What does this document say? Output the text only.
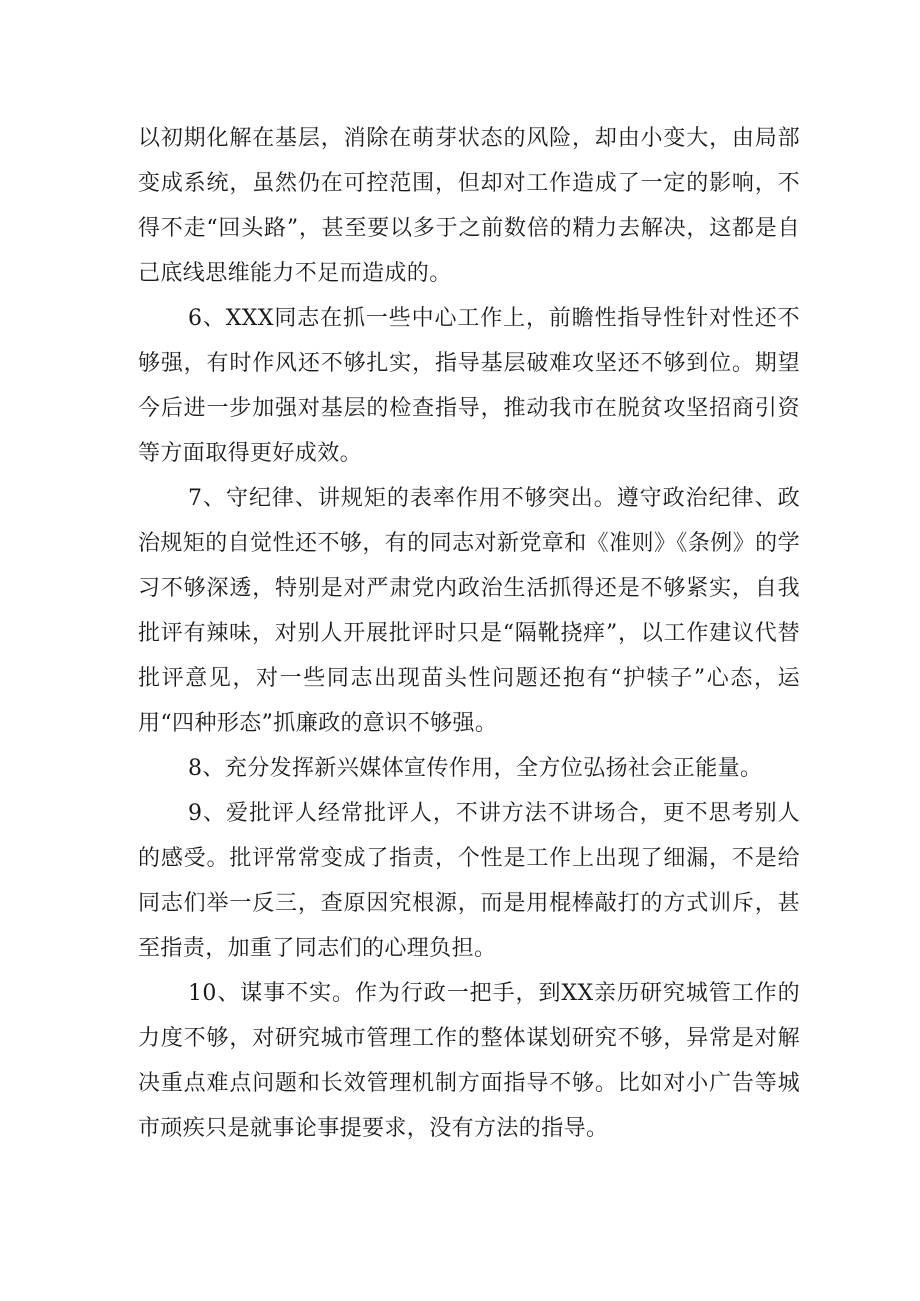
以初期化解在基层，消除在萌芽状态的风险，却由小变大，由局部变成系统，虽然仍在可控范围，但却对工作造成了一定的影响，不得不走“回头路”，甚至要以多于之前数倍的精力去解决，这都是自己底线思维能力不足而造成的。

6、XXX同志在抓一些中心工作上，前瞻性指导性针对性还不够强，有时作风还不够扎实，指导基层破难攻坚还不够到位。期望今后进一步加强对基层的检查指导，推动我市在脱贫攻坚招商引资等方面取得更好成效。

7、守纪律、讲规矩的表率作用不够突出。遵守政治纪律、政治规矩的自觉性还不够，有的同志对新党章和《准则》《条例》的学习不够深透，特别是对严肃党内政治生活抓得还是不够紧实，自我批评有辣味，对别人开展批评时只是“隔靴挠痒”，以工作建议代替批评意见，对一些同志出现苗头性问题还抱有“护犊子”心态，运用“四种形态”抓廉政的意识不够强。

8、充分发挥新兴媒体宣传作用，全方位弘扬社会正能量。

9、爱批评人经常批评人，不讲方法不讲场合，更不思考别人的感受。批评常常变成了指责，个性是工作上出现了细漏，不是给同志们举一反三，查原因究根源，而是用棍棒敲打的方式训斥，甚至指责，加重了同志们的心理负担。

10、谋事不实。作为行政一把手，到XX亲历研究城管工作的力度不够，对研究城市管理工作的整体谋划研究不够，异常是对解决重点难点问题和长效管理机制方面指导不够。比如对小广告等城市顽疾只是就事论事提要求，没有方法的指导。
